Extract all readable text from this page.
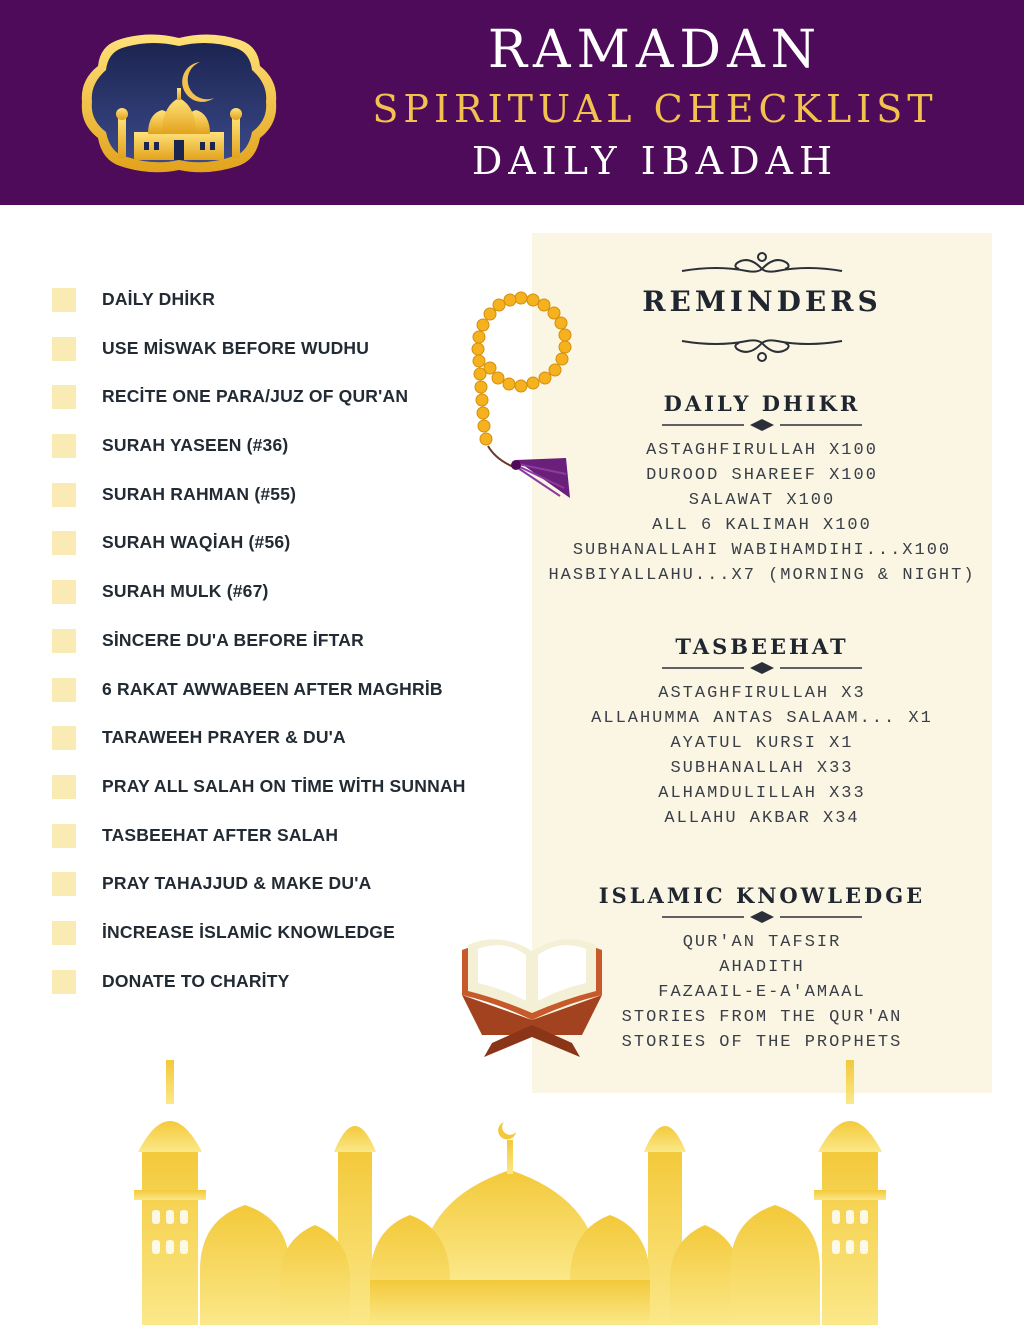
RAMADAN
SPIRITUAL CHECKLIST
DAILY IBADAH
DAİLY DHİKR
USE MİSWAK BEFORE WUDHU
RECİTE ONE PARA/JUZ OF QUR'AN
SURAH YASEEN (#36)
SURAH RAHMAN (#55)
SURAH WAQİAH (#56)
SURAH MULK (#67)
SİNCERE DU'A BEFORE İFTAR
6 RAKAT AWWABEEN AFTER MAGHRİB
TARAWEEH PRAYER & DU'A
PRAY ALL SALAH ON TİME WİTH SUNNAH
TASBEEHAT AFTER SALAH
PRAY TAHAJJUD & MAKE DU'A
İNCREASE İSLAMİC KNOWLEDGE
DONATE TO CHARİTY
REMINDERS
DAILY DHIKR
ASTAGHFIRULLAH X100
DUROOD SHAREEF X100
SALAWAT X100
ALL 6 KALIMAH X100
SUBHANALLAHI WABIHAMDIHI...X100
HASBIYALLAHU...X7 (MORNING & NIGHT)
TASBEEHAT
ASTAGHFIRULLAH X3
ALLAHUMMA ANTAS SALAAM... X1
AYATUL KURSI X1
SUBHANALLAH X33
ALHAMDULILLAH X33
ALLAHU AKBAR X34
ISLAMIC KNOWLEDGE
QUR'AN TAFSIR
AHADITH
FAZAAIL-E-A'AMAAL
STORIES FROM THE QUR'AN
STORIES OF THE PROPHETS
